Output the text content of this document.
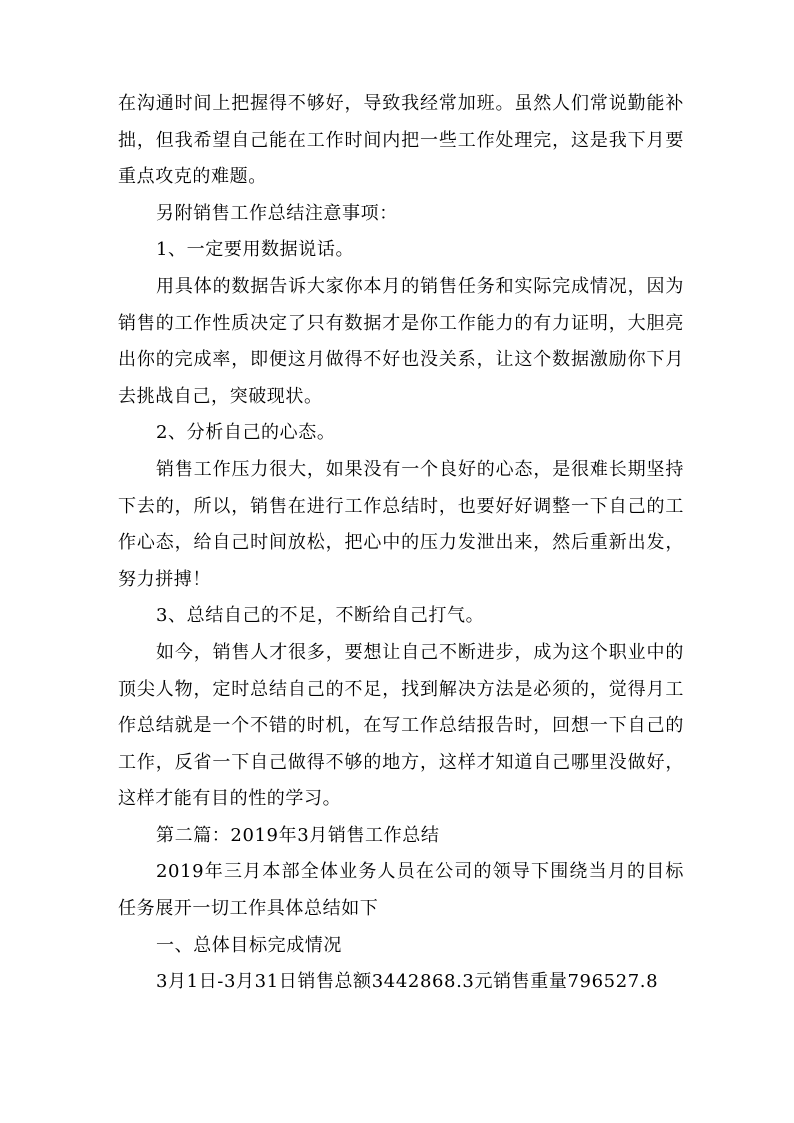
在沟通时间上把握得不够好，导致我经常加班。虽然人们常说勤能补拙，但我希望自己能在工作时间内把一些工作处理完，这是我下月要重点攻克的难题。

另附销售工作总结注意事项：

1、一定要用数据说话。

用具体的数据告诉大家你本月的销售任务和实际完成情况，因为销售的工作性质决定了只有数据才是你工作能力的有力证明，大胆亮出你的完成率，即便这月做得不好也没关系，让这个数据激励你下月去挑战自己，突破现状。

2、分析自己的心态。

销售工作压力很大，如果没有一个良好的心态，是很难长期坚持下去的，所以，销售在进行工作总结时，也要好好调整一下自己的工作心态，给自己时间放松，把心中的压力发泄出来，然后重新出发，努力拼搏！

3、总结自己的不足，不断给自己打气。

如今，销售人才很多，要想让自己不断进步，成为这个职业中的顶尖人物，定时总结自己的不足，找到解决方法是必须的，觉得月工作总结就是一个不错的时机，在写工作总结报告时，回想一下自己的工作，反省一下自己做得不够的地方，这样才知道自己哪里没做好，这样才能有目的性的学习。

第二篇：2019年3月销售工作总结

2019年三月本部全体业务人员在公司的领导下围绕当月的目标任务展开一切工作具体总结如下

一、总体目标完成情况

3月1日-3月31日销售总额3442868.3元销售重量796527.8
